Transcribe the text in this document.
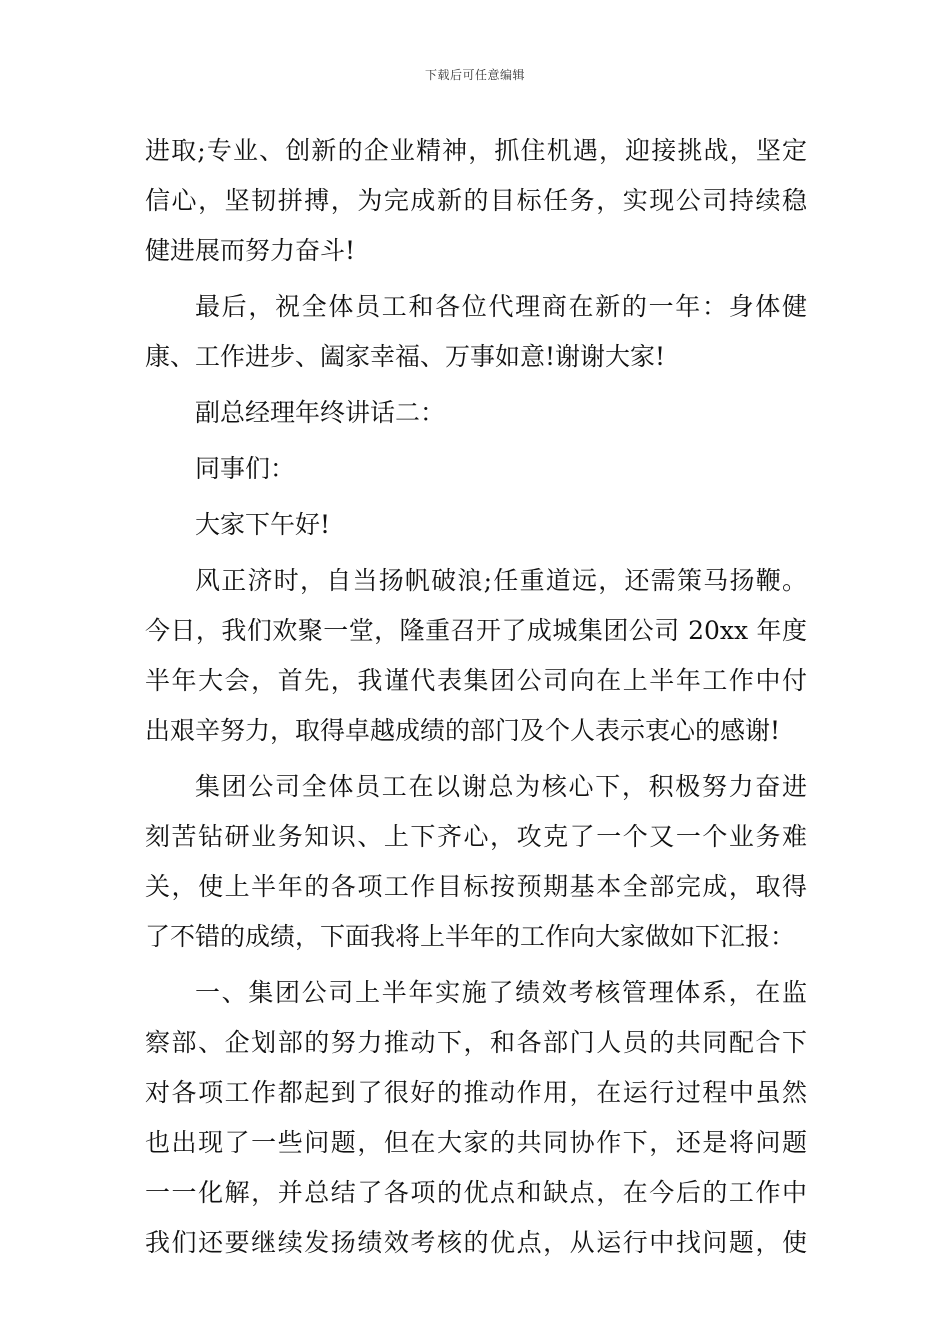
下载后可任意编辑
进取;专业、创新的企业精神，抓住机遇，迎接挑战，坚定
信心，坚韧拼搏，为完成新的目标任务，实现公司持续稳
健进展而努力奋斗!
最后，祝全体员工和各位代理商在新的一年：身体健
康、工作进步、阖家幸福、万事如意!谢谢大家!
副总经理年终讲话二：
同事们：
大家下午好!
风正济时，自当扬帆破浪;任重道远，还需策马扬鞭。
今日，我们欢聚一堂，隆重召开了成城集团公司 20xx 年度
半年大会，首先，我谨代表集团公司向在上半年工作中付
出艰辛努力，取得卓越成绩的部门及个人表示衷心的感谢!
集团公司全体员工在以谢总为核心下，积极努力奋进
刻苦钻研业务知识、上下齐心，攻克了一个又一个业务难
关，使上半年的各项工作目标按预期基本全部完成，取得
了不错的成绩，下面我将上半年的工作向大家做如下汇报：
一、集团公司上半年实施了绩效考核管理体系，在监
察部、企划部的努力推动下，和各部门人员的共同配合下
对各项工作都起到了很好的推动作用，在运行过程中虽然
也出现了一些问题，但在大家的共同协作下，还是将问题
一一化解，并总结了各项的优点和缺点，在今后的工作中
我们还要继续发扬绩效考核的优点，从运行中找问题，使
